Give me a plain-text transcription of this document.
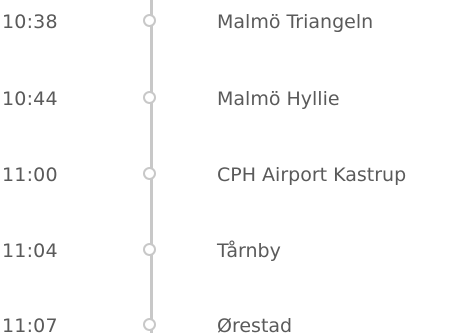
10:38	Malmö Triangeln
10:44	Malmö Hyllie
11:00	CPH Airport Kastrup
11:04	Tårnby
11:07	Ørestad
